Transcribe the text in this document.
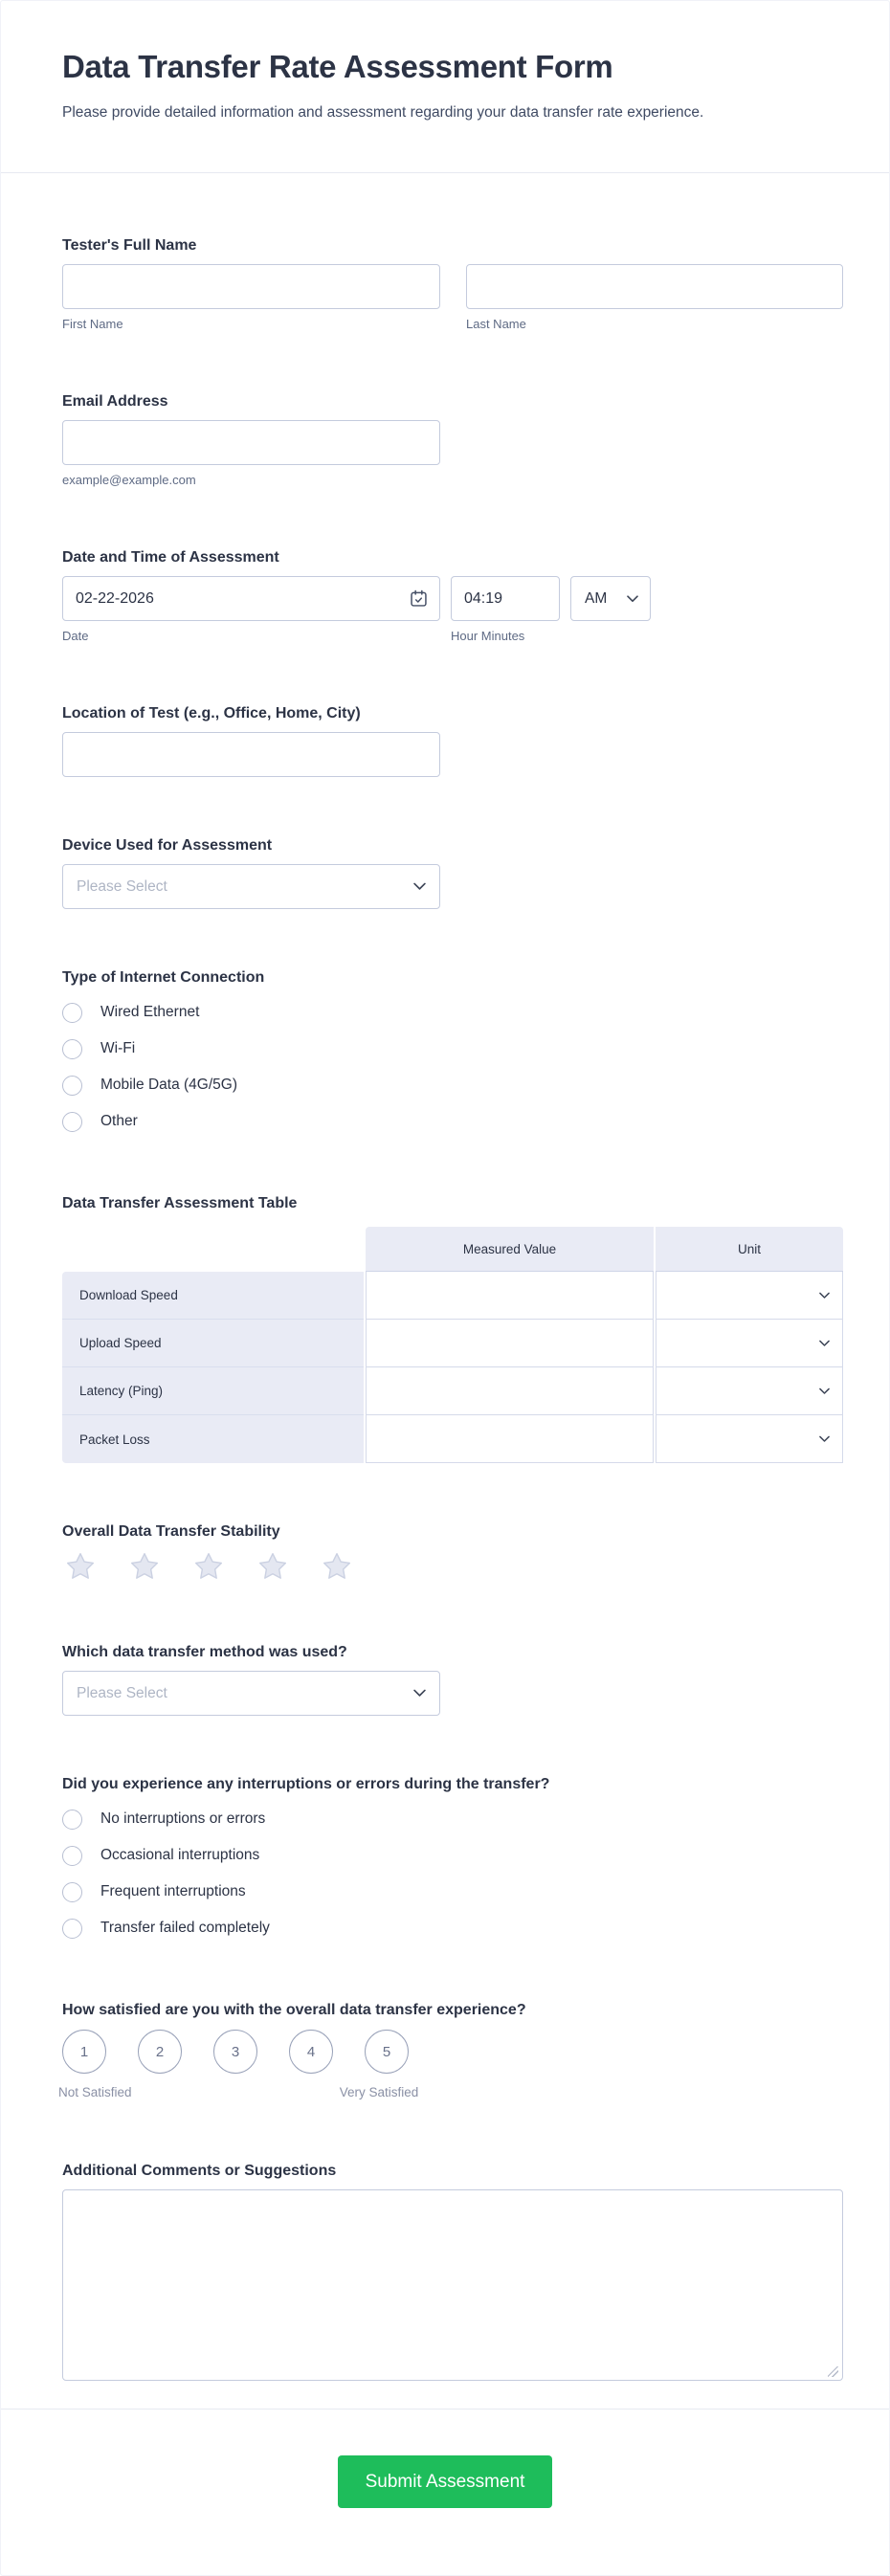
Data Transfer Rate Assessment Form

Please provide detailed information and assessment regarding your data transfer rate experience.

Tester's Full Name
First Name	Last Name
Email Address
example@example.com
Date and Time of Assessment
02-22-2026
04:19
AM
Date	Hour Minutes
Location of Test (e.g., Office, Home, City)
Device Used for Assessment
Please Select
Type of Internet Connection
Wired Ethernet
Wi-Fi
Mobile Data (4G/5G)
Other
Data Transfer Assessment Table
Measured Value	Unit
Download Speed
Upload Speed
Latency (Ping)
Packet Loss
Overall Data Transfer Stability
Which data transfer method was used?
Please Select
Did you experience any interruptions or errors during the transfer?
No interruptions or errors
Occasional interruptions
Frequent interruptions
Transfer failed completely
How satisfied are you with the overall data transfer experience?
1	2	3	4	5
Not Satisfied	Very Satisfied
Additional Comments or Suggestions
Submit Assessment
